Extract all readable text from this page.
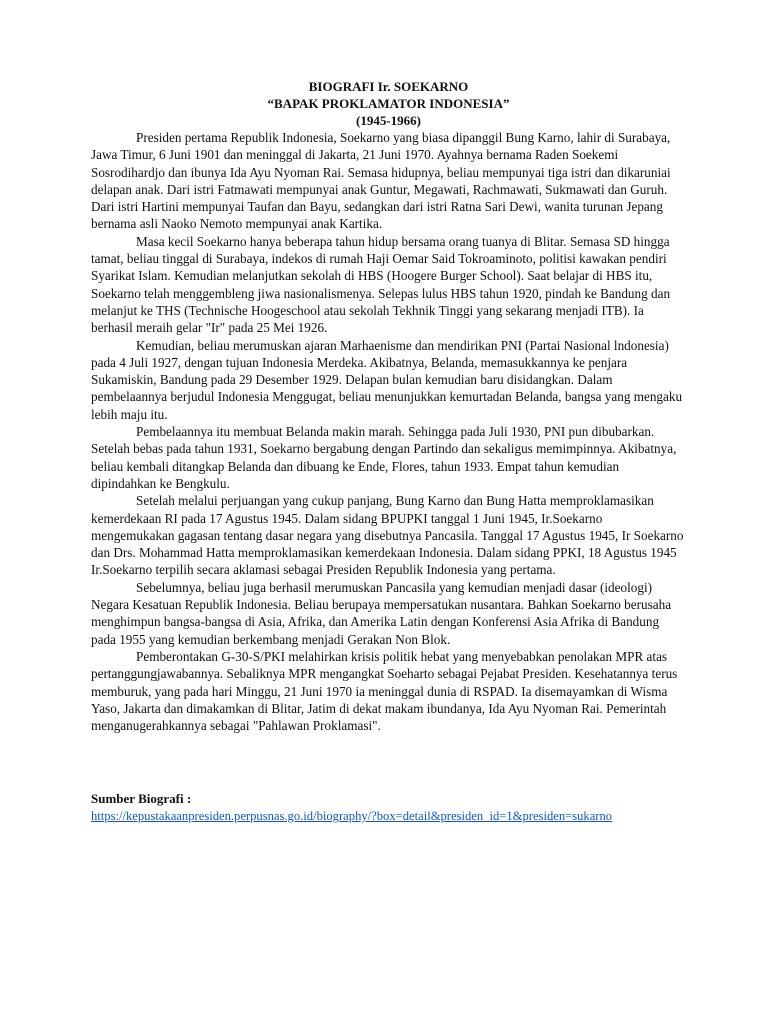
BIOGRAFI Ir. SOEKARNO
“BAPAK PROKLAMATOR INDONESIA”
(1945-1966)

Presiden pertama Republik Indonesia, Soekarno yang biasa dipanggil Bung Karno, lahir di Surabaya, Jawa Timur, 6 Juni 1901 dan meninggal di Jakarta, 21 Juni 1970. Ayahnya bernama Raden Soekemi Sosrodihardjo dan ibunya Ida Ayu Nyoman Rai. Semasa hidupnya, beliau mempunyai tiga istri dan dikaruniai delapan anak. Dari istri Fatmawati mempunyai anak Guntur, Megawati, Rachmawati, Sukmawati dan Guruh. Dari istri Hartini mempunyai Taufan dan Bayu, sedangkan dari istri Ratna Sari Dewi, wanita turunan Jepang bernama asli Naoko Nemoto mempunyai anak Kartika.

Masa kecil Soekarno hanya beberapa tahun hidup bersama orang tuanya di Blitar. Semasa SD hingga tamat, beliau tinggal di Surabaya, indekos di rumah Haji Oemar Said Tokroaminoto, politisi kawakan pendiri Syarikat Islam. Kemudian melanjutkan sekolah di HBS (Hoogere Burger School). Saat belajar di HBS itu, Soekarno telah menggembleng jiwa nasionalismenya. Selepas lulus HBS tahun 1920, pindah ke Bandung dan melanjut ke THS (Technische Hoogeschool atau sekolah Tekhnik Tinggi yang sekarang menjadi ITB). Ia berhasil meraih gelar "Ir" pada 25 Mei 1926.

Kemudian, beliau merumuskan ajaran Marhaenisme dan mendirikan PNI (Partai Nasional lndonesia) pada 4 Juli 1927, dengan tujuan Indonesia Merdeka. Akibatnya, Belanda, memasukkannya ke penjara Sukamiskin, Bandung pada 29 Desember 1929. Delapan bulan kemudian baru disidangkan. Dalam pembelaannya berjudul Indonesia Menggugat, beliau menunjukkan kemurtadan Belanda, bangsa yang mengaku lebih maju itu.

Pembelaannya itu membuat Belanda makin marah. Sehingga pada Juli 1930, PNI pun dibubarkan. Setelah bebas pada tahun 1931, Soekarno bergabung dengan Partindo dan sekaligus memimpinnya. Akibatnya, beliau kembali ditangkap Belanda dan dibuang ke Ende, Flores, tahun 1933. Empat tahun kemudian dipindahkan ke Bengkulu.

Setelah melalui perjuangan yang cukup panjang, Bung Karno dan Bung Hatta memproklamasikan kemerdekaan RI pada 17 Agustus 1945. Dalam sidang BPUPKI tanggal 1 Juni 1945, Ir.Soekarno mengemukakan gagasan tentang dasar negara yang disebutnya Pancasila. Tanggal 17 Agustus 1945, Ir Soekarno dan Drs. Mohammad Hatta memproklamasikan kemerdekaan Indonesia. Dalam sidang PPKI, 18 Agustus 1945 Ir.Soekarno terpilih secara aklamasi sebagai Presiden Republik Indonesia yang pertama.

Sebelumnya, beliau juga berhasil merumuskan Pancasila yang kemudian menjadi dasar (ideologi) Negara Kesatuan Republik Indonesia. Beliau berupaya mempersatukan nusantara. Bahkan Soekarno berusaha menghimpun bangsa-bangsa di Asia, Afrika, dan Amerika Latin dengan Konferensi Asia Afrika di Bandung pada 1955 yang kemudian berkembang menjadi Gerakan Non Blok.

Pemberontakan G-30-S/PKI melahirkan krisis politik hebat yang menyebabkan penolakan MPR atas pertanggungjawabannya. Sebaliknya MPR mengangkat Soeharto sebagai Pejabat Presiden. Kesehatannya terus memburuk, yang pada hari Minggu, 21 Juni 1970 ia meninggal dunia di RSPAD. Ia disemayamkan di Wisma Yaso, Jakarta dan dimakamkan di Blitar, Jatim di dekat makam ibundanya, Ida Ayu Nyoman Rai. Pemerintah menganugerahkannya sebagai "Pahlawan Proklamasi".

Sumber Biografi :
https://kepustakaanpresiden.perpusnas.go.id/biography/?box=detail&presiden_id=1&presiden=sukarno
